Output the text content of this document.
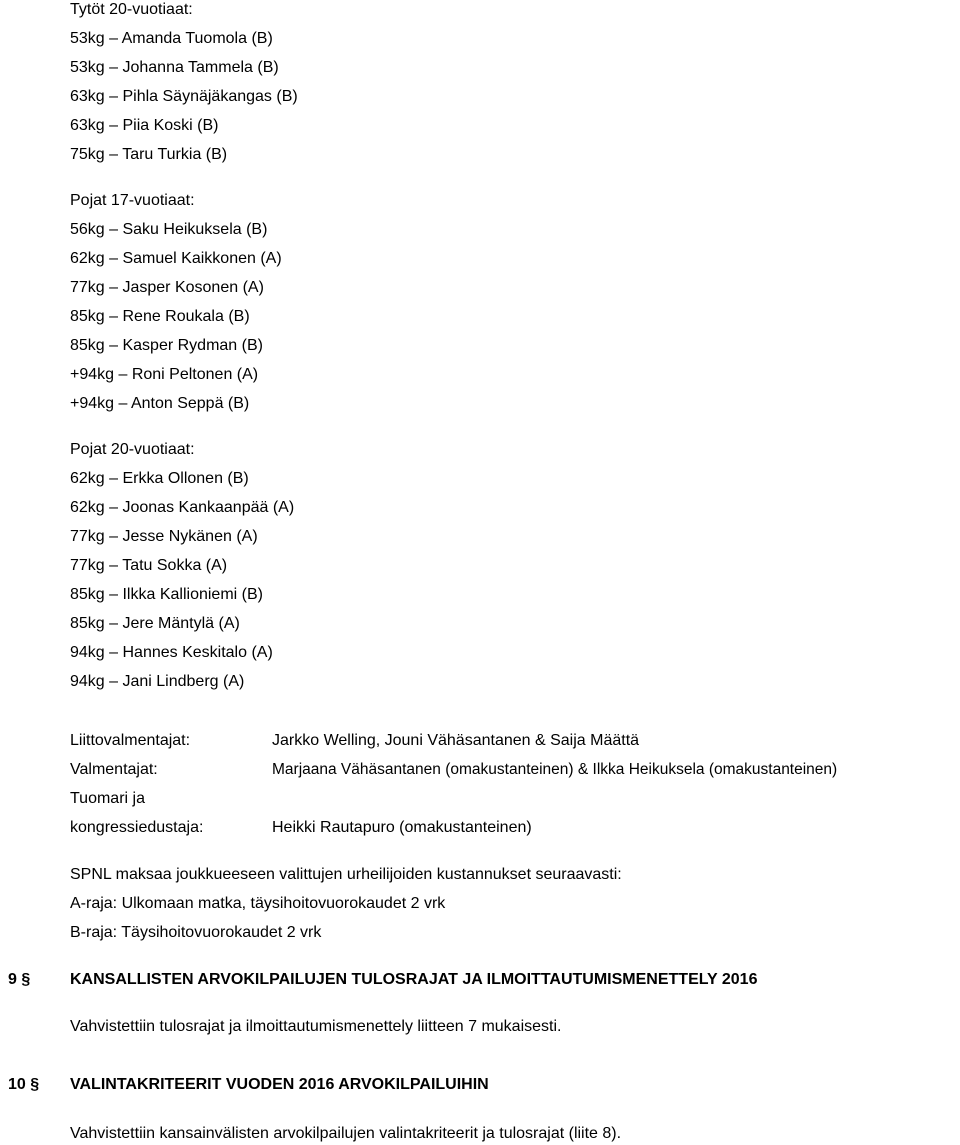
Tytöt 20-vuotiaat:
53kg – Amanda Tuomola (B)
53kg – Johanna Tammela (B)
63kg – Pihla Säynäjäkangas (B)
63kg – Piia Koski (B)
75kg – Taru Turkia (B)
Pojat 17-vuotiaat:
56kg – Saku Heikuksela (B)
62kg – Samuel Kaikkonen (A)
77kg – Jasper Kosonen (A)
85kg – Rene Roukala (B)
85kg – Kasper Rydman (B)
+94kg – Roni Peltonen (A)
+94kg – Anton Seppä (B)
Pojat 20-vuotiaat:
62kg – Erkka Ollonen (B)
62kg – Joonas Kankaanpää (A)
77kg – Jesse Nykänen (A)
77kg – Tatu Sokka (A)
85kg – Ilkka Kallioniemi (B)
85kg – Jere Mäntylä (A)
94kg – Hannes Keskitalo (A)
94kg – Jani Lindberg (A)
Liittovalmentajat:	Jarkko Welling, Jouni Vähäsantanen & Saija Määttä
Valmentajat:	Marjaana Vähäsantanen (omakustanteinen) & Ilkka Heikuksela (omakustanteinen)
Tuomari ja
kongressiedustaja:	Heikki Rautapuro (omakustanteinen)
SPNL maksaa joukkueeseen valittujen urheilijoiden kustannukset seuraavasti:
A-raja: Ulkomaan matka, täysihoitovuorokaudet 2 vrk
B-raja: Täysihoitovuorokaudet 2 vrk
9 § KANSALLISTEN ARVOKILPAILUJEN TULOSRAJAT JA ILMOITTAUTUMISMENETTELY 2016
Vahvistettiin tulosrajat ja ilmoittautumismenettely liitteen 7 mukaisesti.
10 § VALINTAKRITEERIT VUODEN 2016 ARVOKILPAILUIHIN
Vahvistettiin kansainvälisten arvokilpailujen valintakriteerit ja tulosrajat (liite 8).
